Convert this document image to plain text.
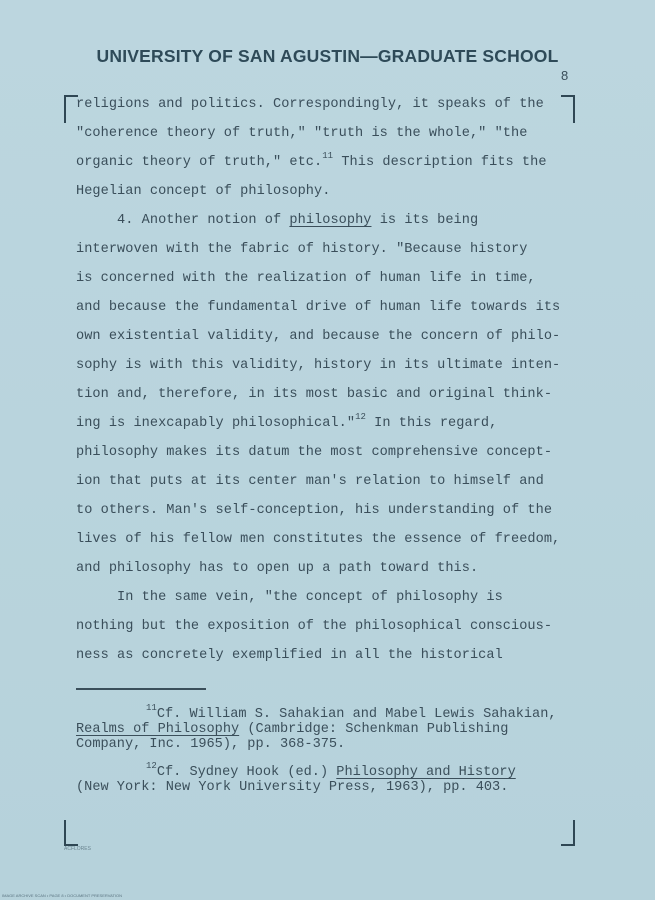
UNIVERSITY OF SAN AGUSTIN—GRADUATE SCHOOL
8
religions and politics. Correspondingly, it speaks of the
"coherence theory of truth," "truth is the whole," "the
organic theory of truth," etc.$^{11}$ This description fits the
Hegelian concept of philosophy.
4. Another notion of philosophy is its being
interwoven with the fabric of history. "Because history
is concerned with the realization of human life in time,
and because the fundamental drive of human life towards its
own existential validity, and because the concern of philo-
sophy is with this validity, history in its ultimate inten-
tion and, therefore, in its most basic and original think-
ing is inexcapably philosophical."$^{12}$ In this regard,
philosophy makes its datum the most comprehensive concept-
ion that puts at its center man's relation to himself and
to others. Man's self-conception, his understanding of the
lives of his fellow men constitutes the essence of freedom,
and philosophy has to open up a path toward this.
In the same vein, "the concept of philosophy is
nothing but the exposition of the philosophical conscious-
ness as concretely exemplified in all the historical
$^{11}$Cf. William S. Sahakian and Mabel Lewis Sahakian,
Realms of Philosophy (Cambridge: Schenkman Publishing
Company, Inc. 1965), pp. 368-375.
$^{12}$Cf. Sydney Hook (ed.) Philosophy and History
(New York: New York University Press, 1963), pp. 403.
ACFLORES
IMAGE ARCHIVE SCAN • PAGE 8 • DOCUMENT PRESERVATION
